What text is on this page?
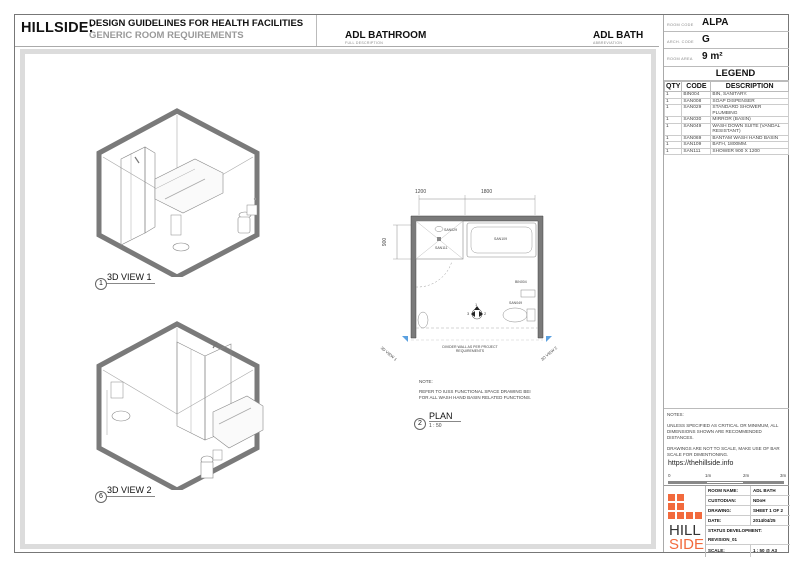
HILLSIDE:
DESIGN GUIDELINES FOR HEALTH FACILITIES
GENERIC ROOM REQUIREMENTS	ADL BATHROOM
FULL DESCRIPTION
ADL BATH
ABBREVIATION
1
3D VIEW 1
6
3D VIEW 2
1200	1800
900
SAN029
SAN111
SAN109
BIN004
SAN049
1
3	2
DIVIDER WALL AS PER PROJECT
REQUIREMENTS
3D VIEW 1	3D VIEW 2
NOTE:
REFER TO IUSS FUNCTIONAL SPACE DRAWING BEI
FOR ALL WASH HAND BASIN RELATED FUNCTIONS.
2
PLAN
1 : 50
ROOM CODE ALPA
ARCH. CODE G
ROOM AREA 9 m²
LEGEND
QTY	CODE	DESCRIPTION
1	BIN004	BIN, SANITARY.
1	SAN008	SOAP DISPENSER
1	SAN029	STANDARD SHOWER PLUMBING
1	SAN030	MIRROR (BASIN)
1	SAN049	WASH DOWN SUITE (VANDAL RESISTANT)
1	SAN069	BANTAM WASH HAND BASIN
1	SAN109	BATH, 1800MM.
1	SAN111	SHOWER 900 X 1200

NOTES:

UNLESS SPECIFIED AS CRITICAL OR MINIMUM, ALL DIMENSIONS SHOWN ARE RECOMMENDED DISTANCES.

DRAWINGS ARE NOT TO SCALE, MAKE USE OF BAR SCALE FOR DIMENTIONING.

https://thehillside.info
0	1m	2m	3m
HILL
SIDE
ROOM NAME:	ADL BATH
CUSTODIAN:	NDoH
DRAWING:	SHEET 1 OF 2
DATE:	2014/04/25
STATUS DEVELOPMENT:
REVISION_01
SCALE:	1 : 50 @ A3
